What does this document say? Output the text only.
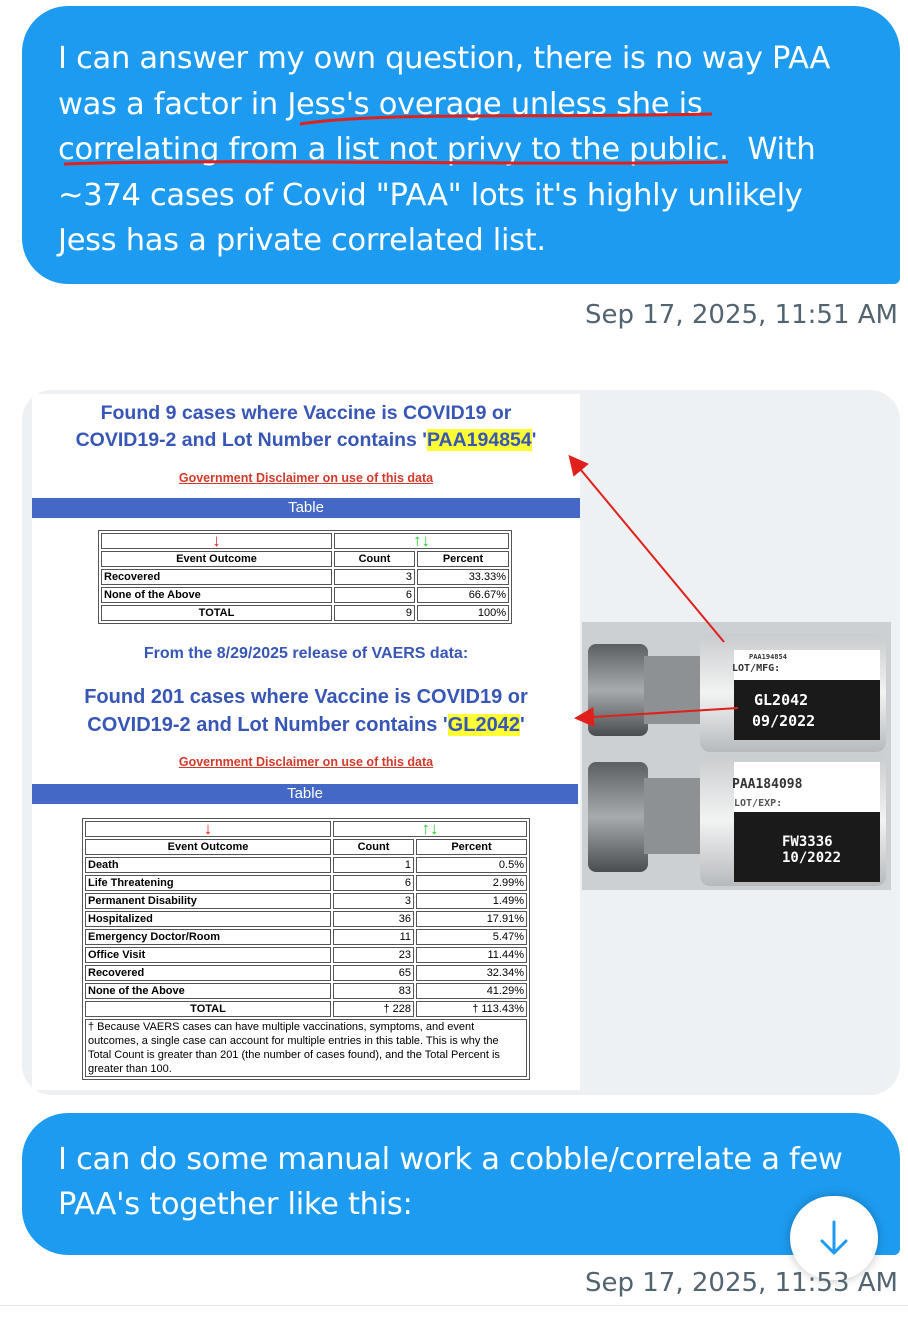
I can answer my own question, there is no way PAA
was a factor in Jess's overage unless she is
correlating from a list not privy to the public.  With
~374 cases of Covid "PAA" lots it's highly unlikely
Jess has a private correlated list.
Sep 17, 2025, 11:51 AM
Found 9 cases where Vaccine is COVID19 or
COVID19-2 and Lot Number contains 'PAA194854'
Government Disclaimer on use of this data
Table
↓	↑↓	
Event Outcome	Count	Percent
Recovered	3	33.33%
None of the Above	6	66.67%
TOTAL	9	100%
From the 8/29/2025 release of VAERS data:
Found 201 cases where Vaccine is COVID19 or
COVID19-2 and Lot Number contains 'GL2042'
Government Disclaimer on use of this data
Table
↓	↑↓	
Event Outcome	Count	Percent
Death	1	0.5%
Life Threatening	6	2.99%
Permanent Disability	3	1.49%
Hospitalized	36	17.91%
Emergency Doctor/Room	11	5.47%
Office Visit	23	11.44%
Recovered	65	32.34%
None of the Above	83	41.29%
TOTAL	† 228	† 113.43%
† Because VAERS cases can have multiple vaccinations, symptoms, and event outcomes, a single case can account for multiple entries in this table. This is why the Total Count is greater than 201 (the number of cases found), and the Total Percent is greater than 100.		
PAA194854
LOT/MFG:
GL2042
09/2022
PAA184098
LOT/EXP:
FW3336
10/2022
I can do some manual work a cobble/correlate a few
PAA's together like this:
Sep 17, 2025, 11:53 AM
